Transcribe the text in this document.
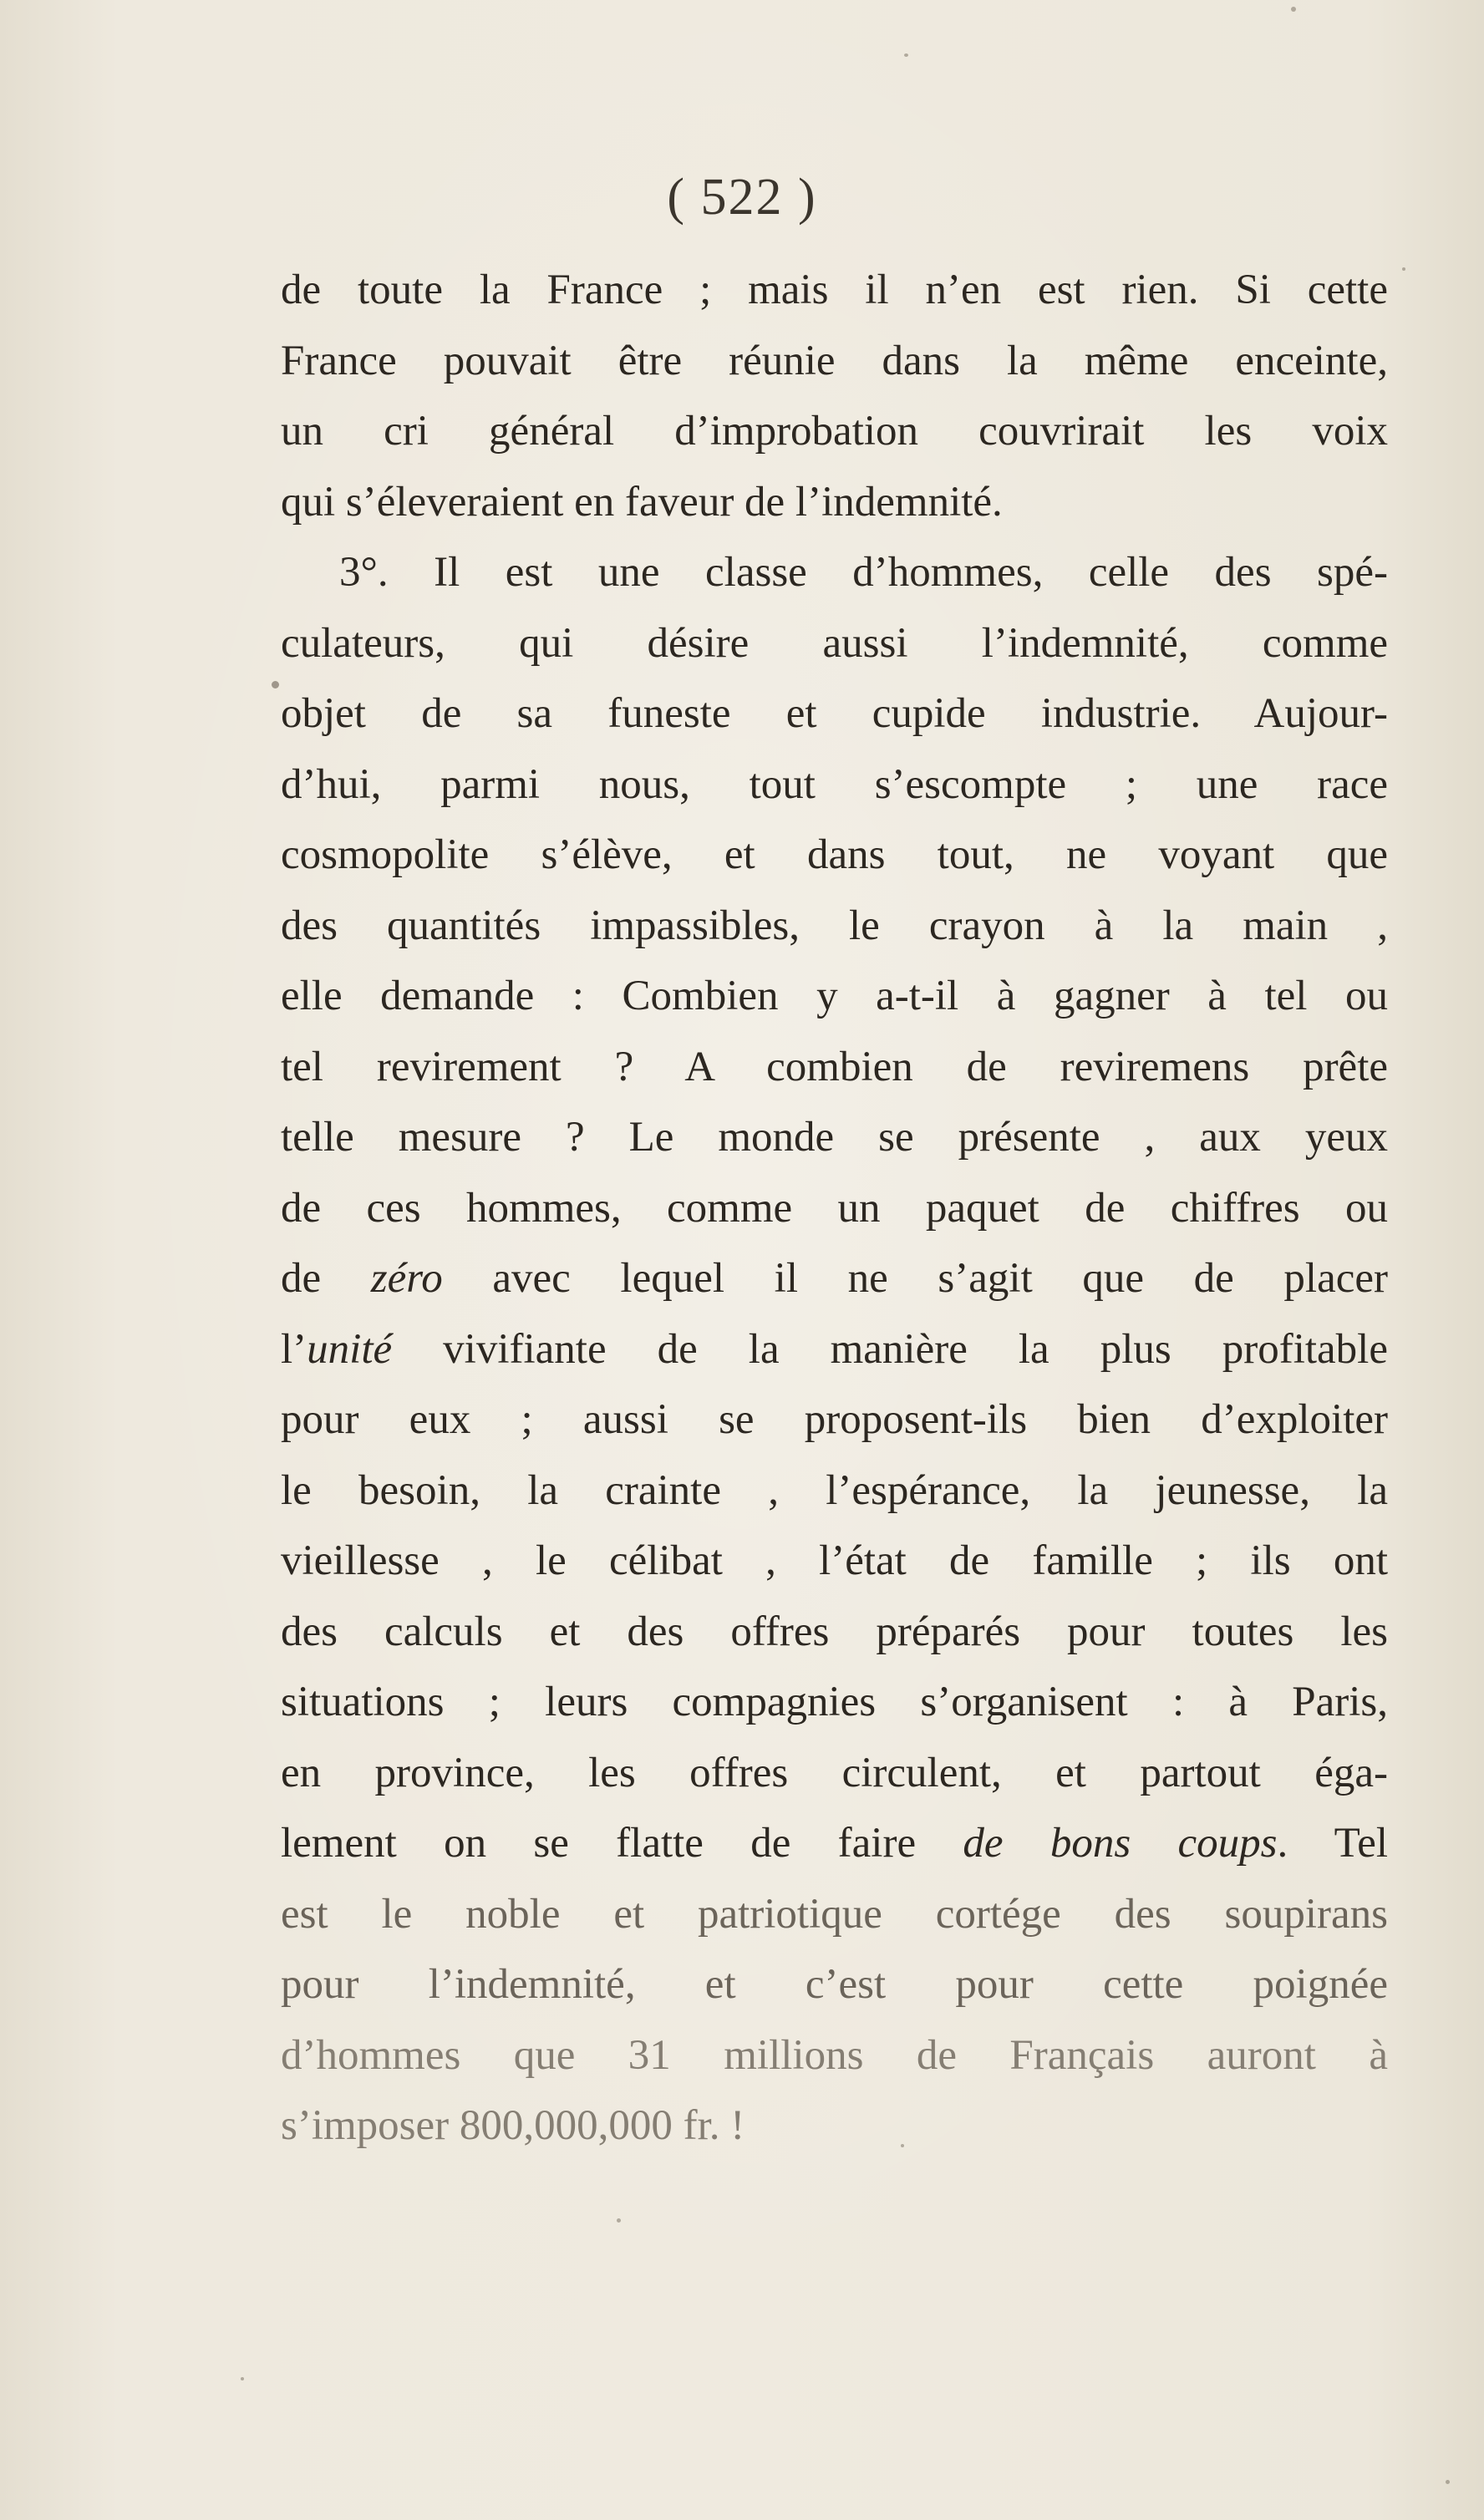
( 522 )
de toute la France ; mais il n’en est rien. Si cette
France pouvait être réunie dans la même enceinte,
un cri général d’improbation couvrirait les voix
qui s’éleveraient en faveur de l’indemnité.
3°. Il est une classe d’hommes, celle des spé-
culateurs, qui désire aussi l’indemnité, comme
objet de sa funeste et cupide industrie. Aujour-
d’hui, parmi nous, tout s’escompte ; une race
cosmopolite s’élève, et dans tout, ne voyant que
des quantités impassibles, le crayon à la main ,
elle demande : Combien y a-t-il à gagner à tel ou
tel revirement ? A combien de reviremens prête
telle mesure ? Le monde se présente , aux yeux
de ces hommes, comme un paquet de chiffres ou
de zéro avec lequel il ne s’agit que de placer
l’unité vivifiante de la manière la plus profitable
pour eux ; aussi se proposent-ils bien d’exploiter
le besoin, la crainte , l’espérance, la jeunesse, la
vieillesse , le célibat , l’état de famille ; ils ont
des calculs et des offres préparés pour toutes les
situations ; leurs compagnies s’organisent : à Paris,
en province, les offres circulent, et partout éga-
lement on se flatte de faire de bons coups. Tel
est le noble et patriotique cortége des soupirans
pour l’indemnité, et c’est pour cette poignée
d’hommes que 31 millions de Français auront à
s’imposer 800,000,000 fr. !
